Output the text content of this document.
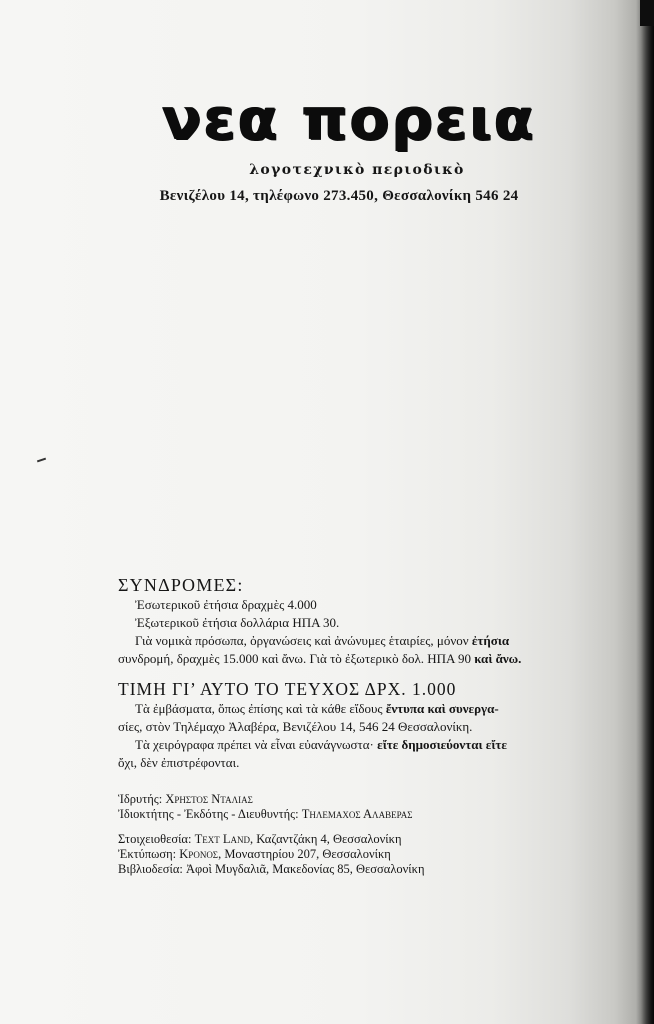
νεα πορεια
λογοτεχνικὸ περιοδικὸ
Βενιζέλου 14, τηλέφωνο 273.450, Θεσσαλονίκη 546 24
ΣΥΝΔΡΟΜΕΣ:
Ἐσωτερικοῦ ἐτήσια δραχμὲς 4.000
Ἐξωτερικοῦ ἐτήσια δολλάρια ΗΠΑ 30.
Γιὰ νομικὰ πρόσωπα, ὀργανώσεις καὶ ἀνώνυμες ἑταιρίες, μόνον ἐτήσια
συνδρομή, δραχμὲς 15.000 καὶ ἄνω. Γιὰ τὸ ἐξωτερικὸ δολ. ΗΠΑ 90 καὶ ἄνω.
ΤΙΜΗ ΓΙ’ ΑΥΤΟ ΤΟ ΤΕΥΧΟΣ ΔΡΧ. 1.000
Τὰ ἐμβάσματα, ὅπως ἐπίσης καὶ τὰ κάθε εἴδους ἔντυπα καὶ συνεργα-
σίες, στὸν Τηλέμαχο Ἀλαβέρα, Βενιζέλου 14, 546 24 Θεσσαλονίκη.
Τὰ χειρόγραφα πρέπει νὰ εἶναι εὐανάγνωστα· εἴτε δημοσιεύονται εἴτε
ὄχι, δὲν ἐπιστρέφονται.
Ἱδρυτής: Χρηστος Νταλιας
Ἰδιοκτήτης - Ἐκδότης - Διευθυντής: Τηλεμαχος Αλαβερας
Στοιχειοθεσία: Text Land, Καζαντζάκη 4, Θεσσαλονίκη
Ἐκτύπωση: Κρονος, Μοναστηρίου 207, Θεσσαλονίκη
Βιβλιοδεσία: Ἀφοὶ Μυγδαλιᾶ, Μακεδονίας 85, Θεσσαλονίκη
